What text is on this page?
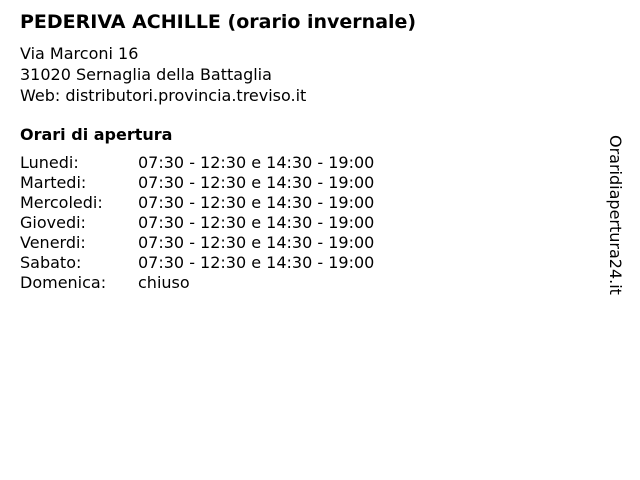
PEDERIVA ACHILLE (orario invernale)
Via Marconi 16
31020 Sernaglia della Battaglia
Web: distributori.provincia.treviso.it
Orari di apertura
Lunedi:	07:30 - 12:30 e 14:30 - 19:00
Martedi:	07:30 - 12:30 e 14:30 - 19:00
Mercoledi: 07:30 - 12:30 e 14:30 - 19:00
Giovedi:	07:30 - 12:30 e 14:30 - 19:00
Venerdi:	07:30 - 12:30 e 14:30 - 19:00
Sabato:	07:30 - 12:30 e 14:30 - 19:00
Domenica: chiuso	Oraridiapertura24.it
